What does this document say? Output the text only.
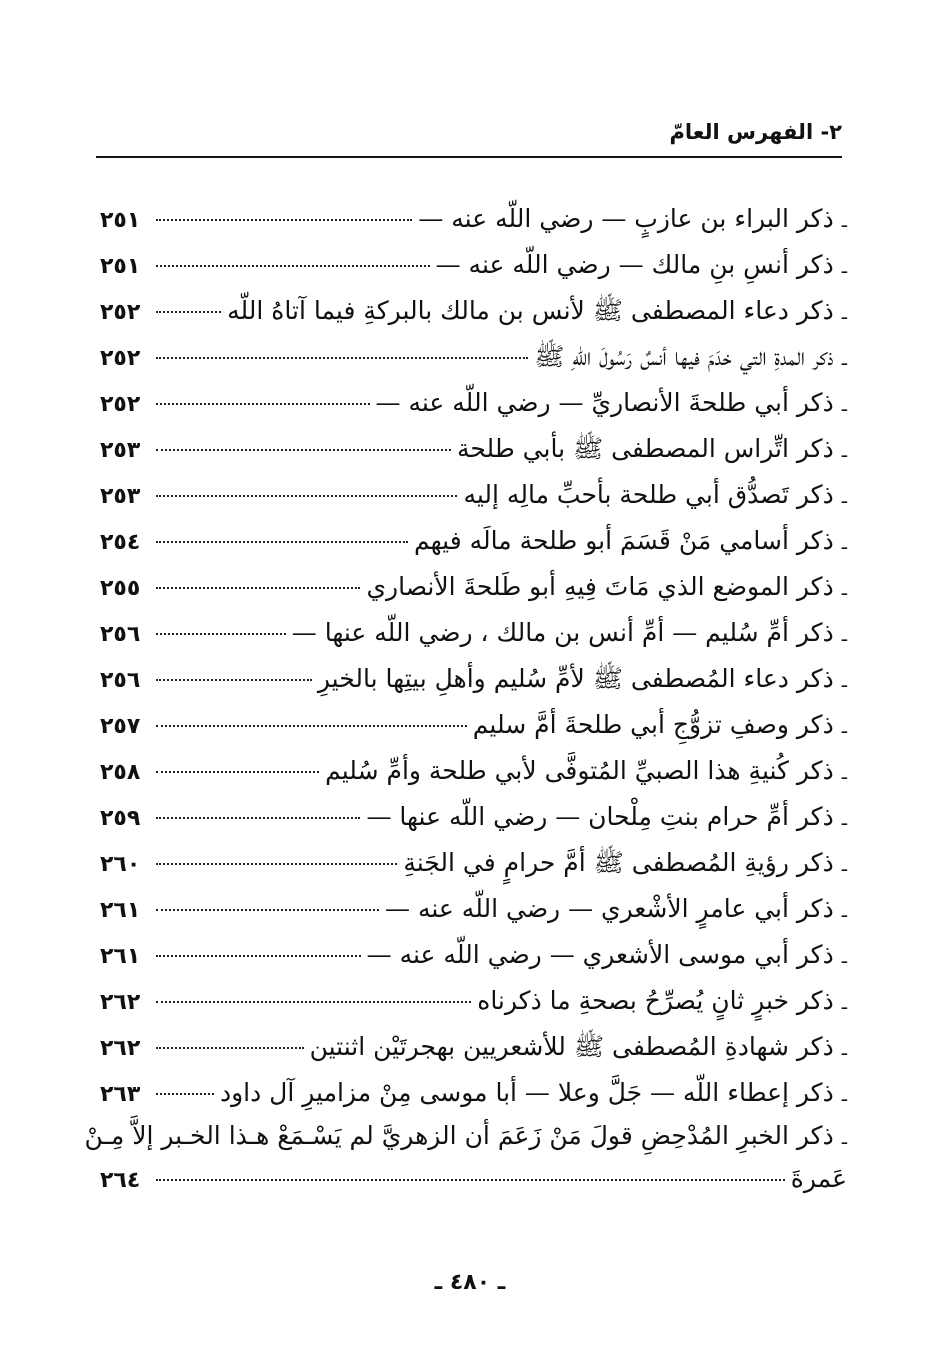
٢- الفهرس العامّ
ـ
ذكر البراء بن عازبٍ — رضي اللّه عنه —
٢٥١
ـ
ذكر أنسِ بنِ مالك — رضي اللّه عنه —
٢٥١
ـ
ذكر دعاء المصطفى ﷺ لأنس بن مالك بالبركةِ فيما آتاهُ اللّه
٢٥٢
ـ
ذكر المدةِ التي خدَمَ فيها أنسٌ رَسُولَ اللّهِ ﷺ
٢٥٢
ـ
ذكر أبي طلحةَ الأنصاريِّ — رضي اللّه عنه —
٢٥٢
ـ
ذكر اتِّراس المصطفى ﷺ بأبي طلحة
٢٥٣
ـ
ذكر تَصدُّق أبي طلحة بأحبِّ مالِه إليه
٢٥٣
ـ
ذكر أسامي مَنْ قَسَمَ أبو طلحة مالَه فيهم
٢٥٤
ـ
ذكر الموضع الذي مَاتَ فِيهِ أبو طَلحةَ الأنصاري
٢٥٥
ـ
ذكر أمِّ سُليم — أمِّ أنس بن مالك ، رضي اللّه عنها —
٢٥٦
ـ
ذكر دعاء المُصطفى ﷺ لأمِّ سُليم وأهلِ بيتِها بالخيرِ
٢٥٦
ـ
ذكر وصفِ تزوُّجِ أبي طلحةَ أمَّ سليم
٢٥٧
ـ
ذكر كُنيةِ هذا الصبيِّ المُتوفَّى لأبي طلحة وأمِّ سُليم
٢٥٨
ـ
ذكر أمِّ حرام بنتِ مِلْحان — رضي اللّه عنها —
٢٥٩
ـ
ذكر رؤيةِ المُصطفى ﷺ أمَّ حرامٍ في الجَنةِ
٢٦٠
ـ
ذكر أبي عامرٍ الأشْعري — رضي اللّه عنه —
٢٦١
ـ
ذكر أبي موسى الأشعري — رضي اللّه عنه —
٢٦١
ـ
ذكر خبرٍ ثانٍ يُصرِّحُ بصحةِ ما ذكرناه
٢٦٢
ـ
ذكر شهادةِ المُصطفى ﷺ للأشعريين بهجرتَيْن اثنتين
٢٦٢
ـ
ذكر إعطاء اللّه — جَلَّ وعلا — أبا موسى مِنْ مزاميرِ آل داود
٢٦٣
ـ
ذكر الخبرِ المُدْحِضِ قولَ مَنْ زَعَمَ أن الزهريَّ لم يَسْـمَعْ هـذا الخـبر إلاَّ مِـنْ
عَمرةَ
٢٦٤
ـ ٤٨٠ ـ
